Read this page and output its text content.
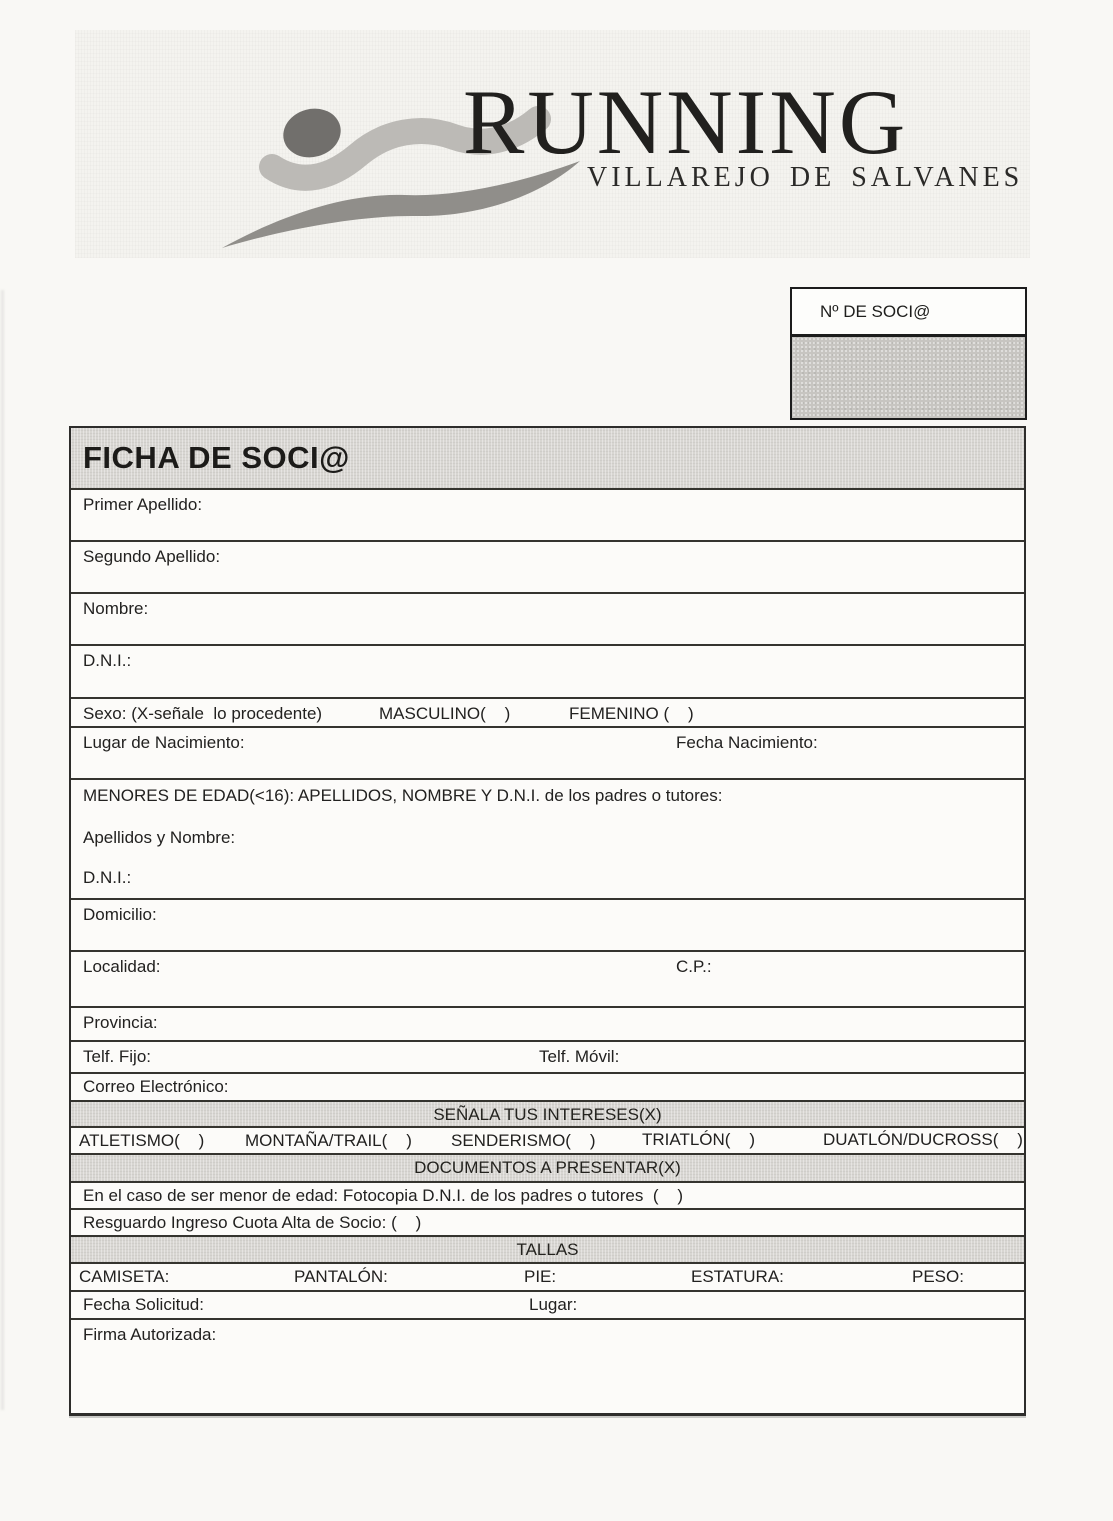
RUNNING
VILLAREJO DE SALVANES
Nº DE SOCI@
FICHA DE SOCI@
Primer Apellido:
Segundo Apellido:
Nombre:
D.N.I.:
Sexo: (X-señale  lo procedente)	MASCULINO(    )	FEMENINO (    )
Lugar de Nacimiento:	Fecha Nacimiento:
MENORES DE EDAD(<16): APELLIDOS, NOMBRE Y D.N.I. de los padres o tutores:
Apellidos y Nombre:
D.N.I.:
Domicilio:
Localidad:	C.P.:
Provincia:
Telf. Fijo:	Telf. Móvil:
Correo Electrónico:
SEÑALA TUS INTERESES(X)
ATLETISMO(    ) MONTAÑA/TRAIL(    ) SENDERISMO(    )	TRIATLÓN(    )	DUATLÓN/DUCROSS(    )
DOCUMENTOS A PRESENTAR(X)
En el caso de ser menor de edad: Fotocopia D.N.I. de los padres o tutores  (    )
Resguardo Ingreso Cuota Alta de Socio: (    )
TALLAS
CAMISETA:	PANTALÓN:	PIE:	ESTATURA:	PESO:
Fecha Solicitud:	Lugar:
Firma Autorizada:
